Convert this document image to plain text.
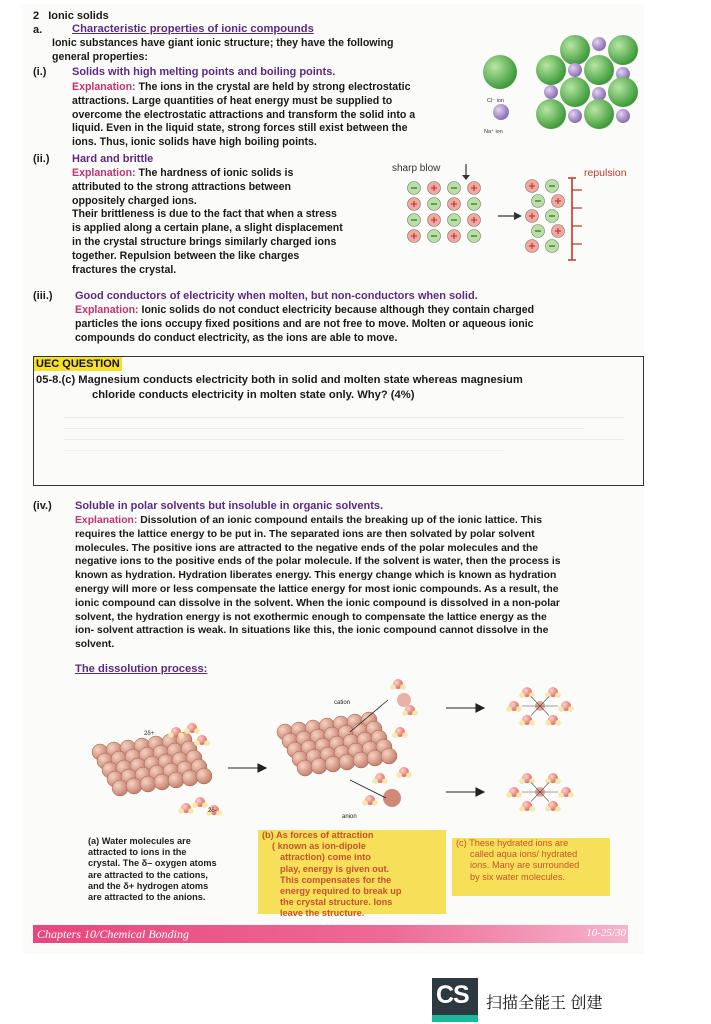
2 Ionic solids
a.	Characteristic properties of ionic compounds
Ionic substances have giant ionic structure; they have the following
general properties:
(i.) Solids with high melting points and boiling points.
Explanation: The ions in the crystal are held by strong electrostatic
attractions. Large quantities of heat energy must be supplied to
overcome the electrostatic attractions and transform the solid into a
liquid. Even in the liquid state, strong forces still exist between the
ions. Thus, ionic solids have high boiling points.
Cl⁻ ion
Na⁺ ion
(ii.) Hard and brittle
Explanation: The hardness of ionic solids is
attributed to the strong attractions between
oppositely charged ions.
Their brittleness is due to the fact that when a stress
is applied along a certain plane, a slight displacement
in the crystal structure brings similarly charged ions
together. Repulsion between the like charges
fractures the crystal.
sharp blow	repulsion
(iii.) Good conductors of electricity when molten, but non-conductors when solid.
Explanation: Ionic solids do not conduct electricity because although they contain charged
particles the ions occupy fixed positions and are not free to move. Molten or aqueous ionic
compounds do conduct electricity, as the ions are able to move.
UEC QUESTION
05-8.(c) Magnesium conducts electricity both in solid and molten state whereas magnesium
chloride conducts electricity in molten state only. Why? (4%)
(iv.) Soluble in polar solvents but insoluble in organic solvents.
Explanation: Dissolution of an ionic compound entails the breaking up of the ionic lattice. This
requires the lattice energy to be put in. The separated ions are then solvated by polar solvent
molecules. The positive ions are attracted to the negative ends of the polar molecules and the
negative ions to the positive ends of the polar molecule. If the solvent is water, then the process is
known as hydration. Hydration liberates energy. This energy change which is known as hydration
energy will more or less compensate the lattice energy for most ionic compounds. As a result, the
ionic compound can dissolve in the solvent. When the ionic compound is dissolved in a non-polar
solvent, the hydration energy is not exothermic enough to compensate the lattice energy as the
ion- solvent attraction is weak. In situations like this, the ionic compound cannot dissolve in the
solvent.
The dissolution process:
2δ+
2δ-
cation
anion
(a) Water molecules are
attracted to ions in the
crystal. The δ– oxygen atoms
are attracted to the cations,
and the δ+ hydrogen atoms
are attracted to the anions.
(b) As forces of attraction
( known as ion-dipole
attraction) come into
play, energy is given out.
This compensates for the
energy required to break up
the crystal structure. Ions
leave the structure.
(c) These hydrated ions are
called aqua ions/ hydrated
ions. Many are surrounded
by six water molecules.
Chapters 10/Chemical Bonding	10-25/30
CS 扫描全能王 创建
